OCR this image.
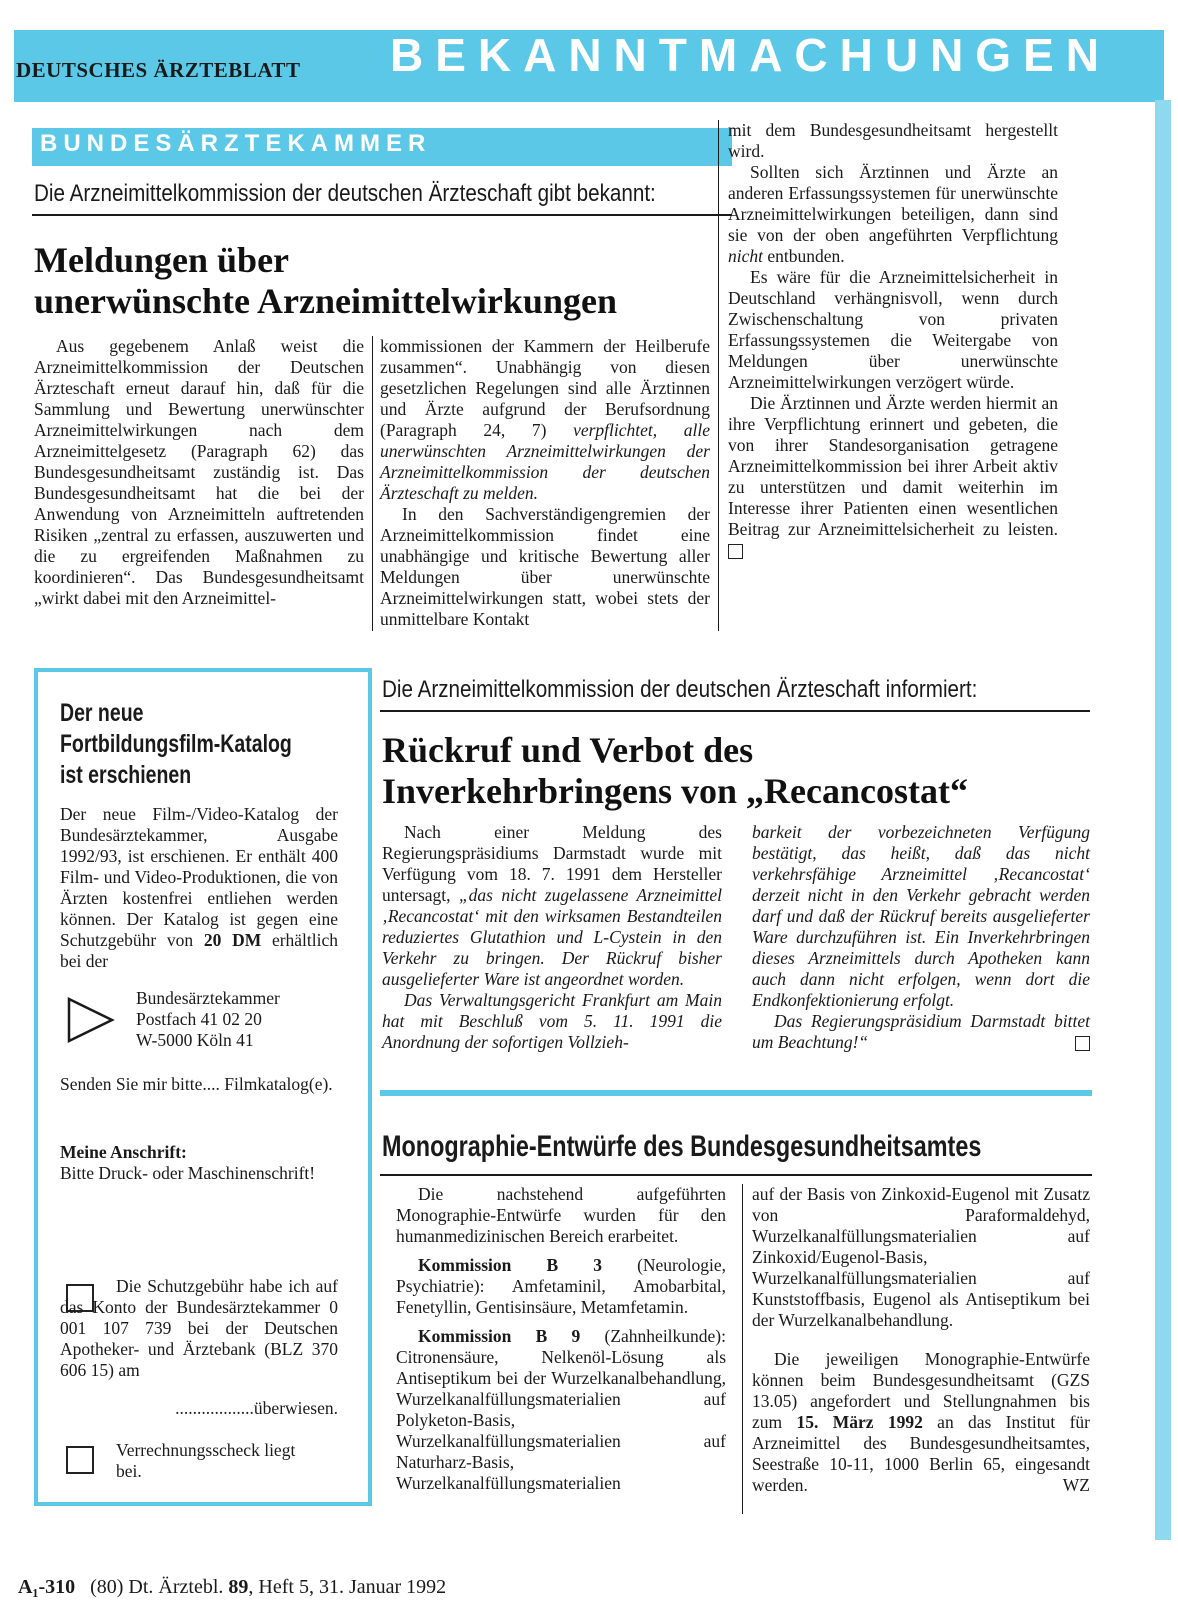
DEUTSCHES ÄRZTEBLATT BEKANNTMACHUNGEN
BUNDESÄRZTEKAMMER
Die Arzneimittelkommission der deutschen Ärzteschaft gibt bekannt:
Meldungen über
unerwünschte Arzneimittelwirkungen

Aus gegebenem Anlaß weist die Arzneimittelkommission der Deutschen Ärzteschaft erneut darauf hin, daß für die Sammlung und Bewertung unerwünschter Arzneimittelwirkungen nach dem Arzneimittelgesetz (Paragraph 62) das Bundesgesundheitsamt zuständig ist. Das Bundesgesundheitsamt hat die bei der Anwendung von Arzneimitteln auftretenden Risiken „zentral zu erfassen, auszuwerten und die zu ergreifenden Maßnahmen zu koordinieren“. Das Bundesgesundheitsamt „wirkt dabei mit den Arzneimittel-

kommissionen der Kammern der Heilberufe zusammen“. Unabhängig von diesen gesetzlichen Regelungen sind alle Ärztinnen und Ärzte aufgrund der Berufsordnung (Paragraph 24, 7) verpflichtet, alle unerwünschten Arzneimittelwirkungen der Arzneimittelkommission der deutschen Ärzteschaft zu melden.

In den Sachverständigengremien der Arzneimittelkommission findet eine unabhängige und kritische Bewertung aller Meldungen über unerwünschte Arzneimittelwirkungen statt, wobei stets der unmittelbare Kontakt

mit dem Bundesgesundheitsamt hergestellt wird.

Sollten sich Ärztinnen und Ärzte an anderen Erfassungssystemen für unerwünschte Arzneimittelwirkungen beteiligen, dann sind sie von der oben angeführten Verpflichtung nicht entbunden.

Es wäre für die Arzneimittelsicherheit in Deutschland verhängnisvoll, wenn durch Zwischenschaltung von privaten Erfassungssystemen die Weitergabe von Meldungen über unerwünschte Arzneimittelwirkungen verzögert würde.

Die Ärztinnen und Ärzte werden hiermit an ihre Verpflichtung erinnert und gebeten, die von ihrer Standesorganisation getragene Arzneimittelkommission bei ihrer Arbeit aktiv zu unterstützen und damit weiterhin im Interesse ihrer Patienten einen wesentlichen Beitrag zur Arzneimittelsicherheit zu leisten.

Der neue
Fortbildungsfilm-Katalog
ist erschienen
Der neue Film-/Video-Katalog der Bundesärztekammer, Ausgabe 1992/93, ist erschienen. Er enthält 400 Film- und Video-Produktionen, die von Ärzten kostenfrei entliehen werden können. Der Katalog ist gegen eine Schutzgebühr von 20 DM erhältlich bei der
Bundesärztekammer
Postfach 41 02 20
W-5000 Köln 41
Senden Sie mir bitte.... Filmkatalog(e).
Meine Anschrift:
Bitte Druck- oder Maschinenschrift!
Die Schutzgebühr habe ich auf das Konto der Bundesärztekammer 0 001 107 739 bei der Deutschen Apotheker- und Ärztebank (BLZ 370 606 15) am
..................überwiesen.
Verrechnungsscheck liegt bei.
Die Arzneimittelkommission der deutschen Ärzteschaft informiert:
Rückruf und Verbot des
Inverkehrbringens von „Recancostat“

Nach einer Meldung des Regierungspräsidiums Darmstadt wurde mit Verfügung vom 18. 7. 1991 dem Hersteller untersagt, „das nicht zugelassene Arzneimittel ‚Recancostat‘ mit den wirksamen Bestandteilen reduziertes Glutathion und L-Cystein in den Verkehr zu bringen. Der Rückruf bisher ausgelieferter Ware ist angeordnet worden.

Das Verwaltungsgericht Frankfurt am Main hat mit Beschluß vom 5. 11. 1991 die Anordnung der sofortigen Vollzieh-

barkeit der vorbezeichneten Verfügung bestätigt, das heißt, daß das nicht verkehrsfähige Arzneimittel ‚Recancostat‘ derzeit nicht in den Verkehr gebracht werden darf und daß der Rückruf bereits ausgelieferter Ware durchzuführen ist. Ein Inverkehrbringen dieses Arzneimittels durch Apotheken kann auch dann nicht erfolgen, wenn dort die Endkonfektionierung erfolgt.

Das Regierungspräsidium Darmstadt bittet um Beachtung!“

Monographie-Entwürfe des Bundesgesundheitsamtes

Die nachstehend aufgeführten Monographie-Entwürfe wurden für den humanmedizinischen Bereich erarbeitet.

Kommission B 3 (Neurologie, Psychiatrie): Amfetaminil, Amobarbital, Fenetyllin, Gentisinsäure, Metamfetamin.

Kommission B 9 (Zahnheilkunde): Citronensäure, Nelkenöl-Lösung als Antiseptikum bei der Wurzelkanalbehandlung, Wurzelkanalfüllungsmaterialien auf Polyketon-Basis, Wurzelkanalfüllungsmaterialien auf Naturharz-Basis, Wurzelkanalfüllungsmaterialien

auf der Basis von Zinkoxid-Eugenol mit Zusatz von Paraformaldehyd, Wurzelkanalfüllungsmaterialien auf Zinkoxid/Eugenol-Basis, Wurzelkanalfüllungsmaterialien auf Kunststoffbasis, Eugenol als Antiseptikum bei der Wurzelkanalbehandlung.

Die jeweiligen Monographie-Entwürfe können beim Bundesgesundheitsamt (GZS 13.05) angefordert und Stellungnahmen bis zum 15. März 1992 an das Institut für Arzneimittel des Bundesgesundheitsamtes, Seestraße 10-11, 1000 Berlin 65, eingesandt werden.	WZ

A₁-310 (80) Dt. Ärztebl. 89, Heft 5, 31. Januar 1992
